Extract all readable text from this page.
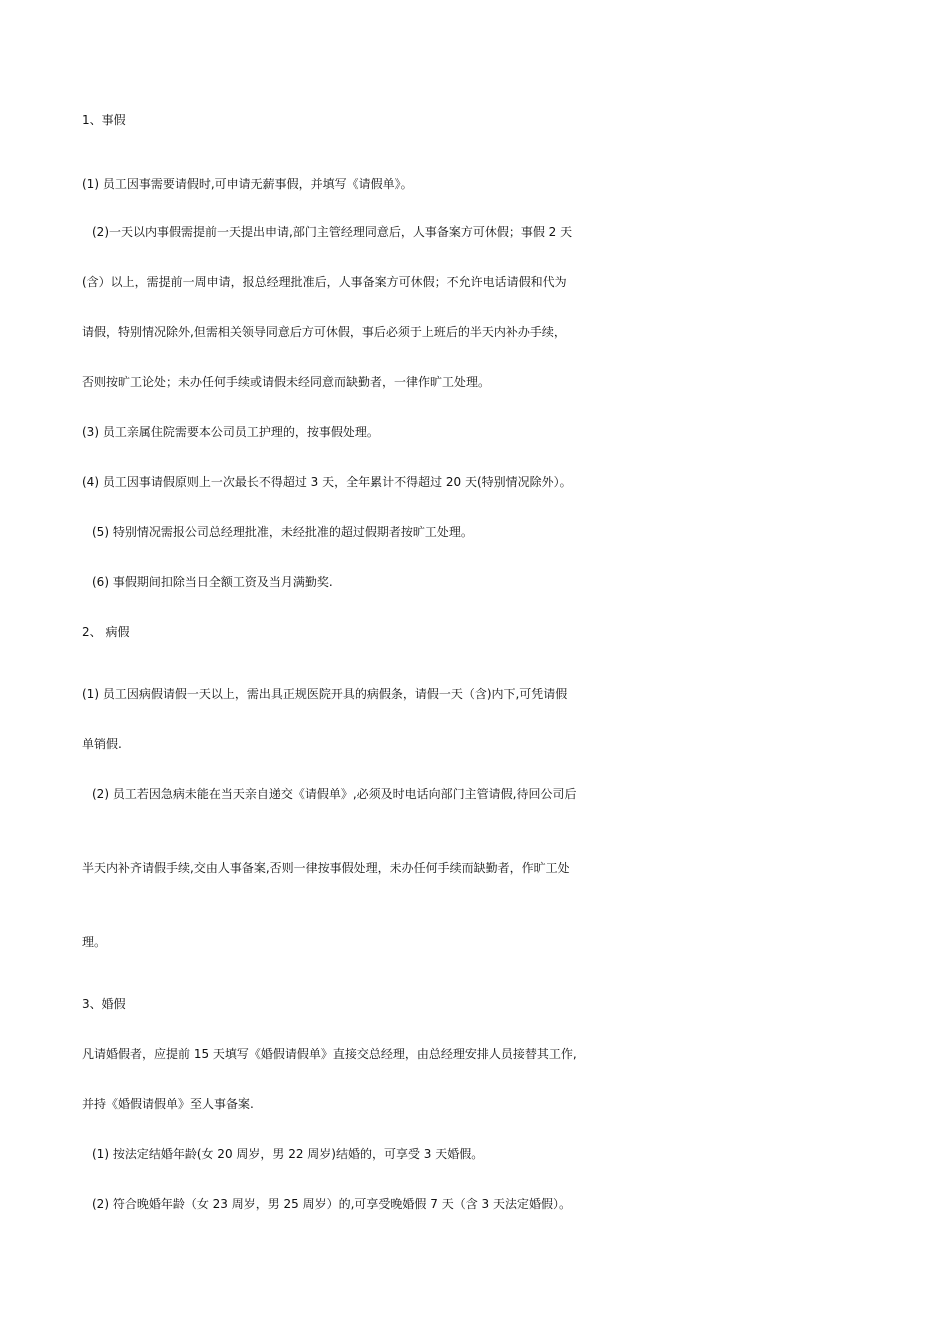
1、事假
(1) 员工因事需要请假时,可申请无薪事假，并填写《请假单》。
(2)一天以内事假需提前一天提出申请,部门主管经理同意后，人事备案方可休假；事假 2 天
(含）以上，需提前一周申请，报总经理批准后，人事备案方可休假；不允许电话请假和代为
请假，特别情况除外,但需相关领导同意后方可休假，事后必须于上班后的半天内补办手续，
否则按旷工论处；未办任何手续或请假未经同意而缺勤者，一律作旷工处理。
(3) 员工亲属住院需要本公司员工护理的，按事假处理。
(4) 员工因事请假原则上一次最长不得超过 3 天，全年累计不得超过 20 天(特别情况除外）。
(5) 特别情况需报公司总经理批准，未经批准的超过假期者按旷工处理。
(6) 事假期间扣除当日全额工资及当月满勤奖.
2、 病假
(1) 员工因病假请假一天以上，需出具正规医院开具的病假条，请假一天（含)内下,可凭请假
单销假.
(2) 员工若因急病未能在当天亲自递交《请假单》,必须及时电话向部门主管请假,待回公司后
半天内补齐请假手续,交由人事备案,否则一律按事假处理，未办任何手续而缺勤者，作旷工处
理。
3、婚假
凡请婚假者，应提前 15 天填写《婚假请假单》直接交总经理，由总经理安排人员接替其工作,
并持《婚假请假单》至人事备案.
(1) 按法定结婚年龄(女 20 周岁，男 22 周岁)结婚的，可享受 3 天婚假。
(2) 符合晚婚年龄（女 23 周岁，男 25 周岁）的,可享受晚婚假 7 天（含 3 天法定婚假）。
